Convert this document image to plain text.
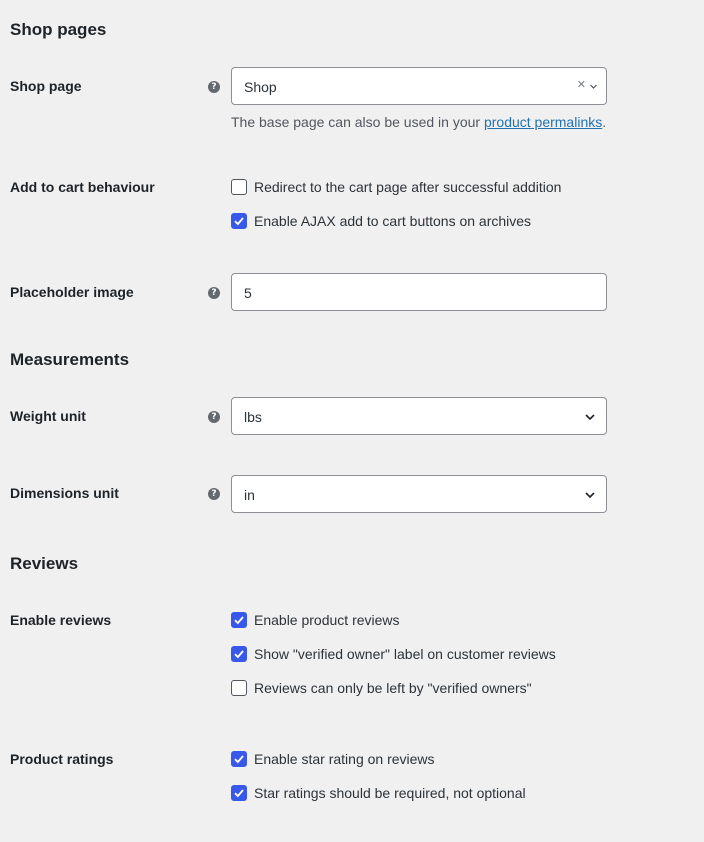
Shop pages
Shop page	? Shop	✕
The base page can also be used in your product permalinks.
Add to cart behaviour	Redirect to the cart page after successful addition
Enable AJAX add to cart buttons on archives
Placeholder image	? 5
Measurements
Weight unit	? lbs
Dimensions unit	? in
Reviews
Enable reviews	Enable product reviews
Show "verified owner" label on customer reviews
Reviews can only be left by "verified owners"
Product ratings	Enable star rating on reviews
Star ratings should be required, not optional
